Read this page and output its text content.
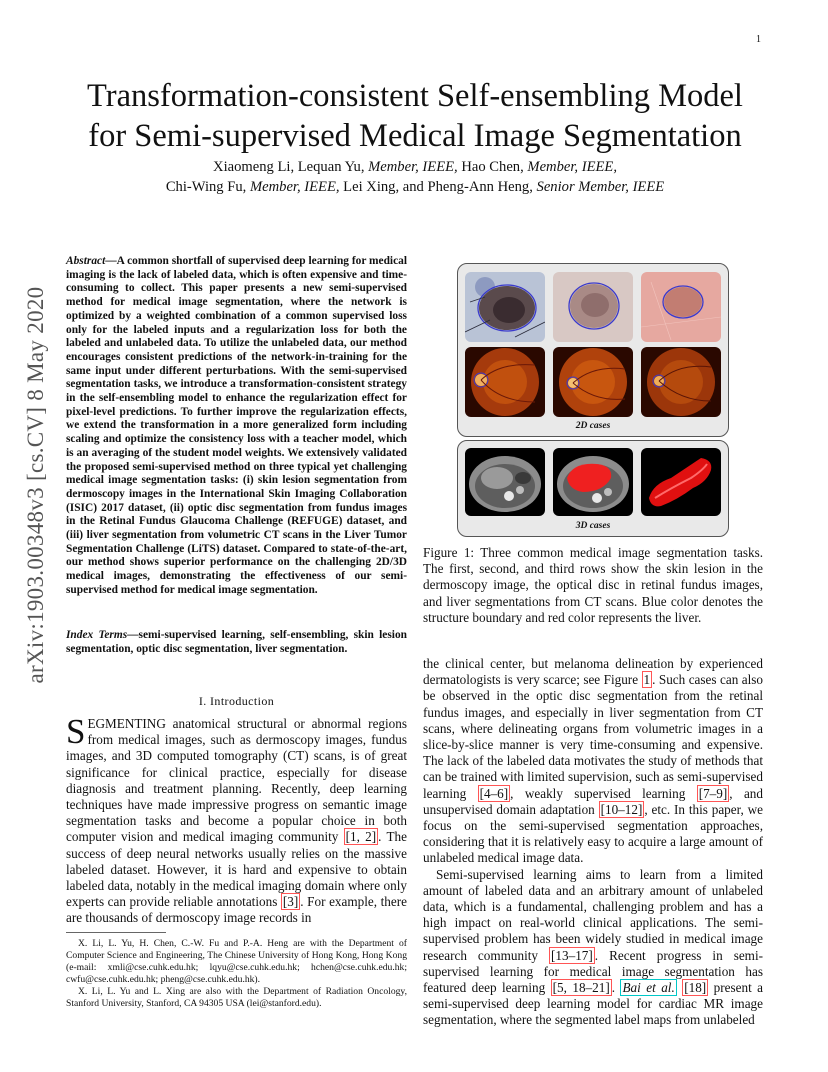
1
arXiv:1903.00348v3 [cs.CV] 8 May 2020
Transformation-consistent Self-ensembling Model
for Semi-supervised Medical Image Segmentation
Xiaomeng Li, Lequan Yu, Member, IEEE, Hao Chen, Member, IEEE,
Chi-Wing Fu, Member, IEEE, Lei Xing, and Pheng-Ann Heng, Senior Member, IEEE
Abstract—A common shortfall of supervised deep learning for medical imaging is the lack of labeled data, which is often expensive and time-consuming to collect. This paper presents a new semi-supervised method for medical image segmentation, where the network is optimized by a weighted combination of a common supervised loss only for the labeled inputs and a regularization loss for both the labeled and unlabeled data. To utilize the unlabeled data, our method encourages consistent predictions of the network-in-training for the same input under different perturbations. With the semi-supervised segmentation tasks, we introduce a transformation-consistent strategy in the self-ensembling model to enhance the regularization effect for pixel-level predictions. To further improve the regularization effects, we extend the transformation in a more generalized form including scaling and optimize the consistency loss with a teacher model, which is an averaging of the student model weights. We extensively validated the proposed semi-supervised method on three typical yet challenging medical image segmentation tasks: (i) skin lesion segmentation from dermoscopy images in the International Skin Imaging Collaboration (ISIC) 2017 dataset, (ii) optic disc segmentation from fundus images in the Retinal Fundus Glaucoma Challenge (REFUGE) dataset, and (iii) liver segmentation from volumetric CT scans in the Liver Tumor Segmentation Challenge (LiTS) dataset. Compared to state-of-the-art, our method shows superior performance on the challenging 2D/3D medical images, demonstrating the effectiveness of our semi-supervised method for medical image segmentation.
Index Terms—semi-supervised learning, self-ensembling, skin lesion segmentation, optic disc segmentation, liver segmentation.
I. Introduction
SEGMENTING anatomical structural or abnormal regions from medical images, such as dermoscopy images, fundus images, and 3D computed tomography (CT) scans, is of great significance for clinical practice, especially for disease diagnosis and treatment planning. Recently, deep learning techniques have made impressive progress on semantic image segmentation tasks and become a popular choice in both computer vision and medical imaging community [1, 2] . The success of deep neural networks usually relies on the massive labeled dataset. However, it is hard and expensive to obtain labeled data, notably in the medical imaging domain where only experts can provide reliable annotations [3] . For example, there are thousands of dermoscopy image records in

X. Li, L. Yu, H. Chen, C.-W. Fu and P.-A. Heng are with the Department of Computer Science and Engineering, The Chinese University of Hong Kong, Hong Kong (e-mail: xmli@cse.cuhk.edu.hk; lqyu@cse.cuhk.edu.hk; hchen@cse.cuhk.edu.hk; cwfu@cse.cuhk.edu.hk; pheng@cse.cuhk.edu.hk).

X. Li, L. Yu and L. Xing are also with the Department of Radiation Oncology, Stanford University, Stanford, CA 94305 USA (lei@stanford.edu).

2D cases
3D cases
Figure 1: Three common medical image segmentation tasks. The first, second, and third rows show the skin lesion in the dermoscopy image, the optical disc in retinal fundus images, and liver segmentations from CT scans. Blue color denotes the structure boundary and red color represents the liver.

the clinical center, but melanoma delineation by experienced dermatologists is very scarce; see Figure 1 . Such cases can also be observed in the optic disc segmentation from the retinal fundus images, and especially in liver segmentation from CT scans, where delineating organs from volumetric images in a slice-by-slice manner is very time-consuming and expensive. The lack of the labeled data motivates the study of methods that can be trained with limited supervision, such as semi-supervised learning [4–6] , weakly supervised learning [7–9] , and unsupervised domain adaptation [10–12] , etc. In this paper, we focus on the semi-supervised segmentation approaches, considering that it is relatively easy to acquire a large amount of unlabeled medical image data.

Semi-supervised learning aims to learn from a limited amount of labeled data and an arbitrary amount of unlabeled data, which is a fundamental, challenging problem and has a high impact on real-world clinical applications. The semi-supervised problem has been widely studied in medical image research community [13–17] . Recent progress in semi-supervised learning for medical image segmentation has featured deep learning [5, 18–21] . Bai et al. [18] present a semi-supervised deep learning model for cardiac MR image segmentation, where the segmented label maps from unlabeled
